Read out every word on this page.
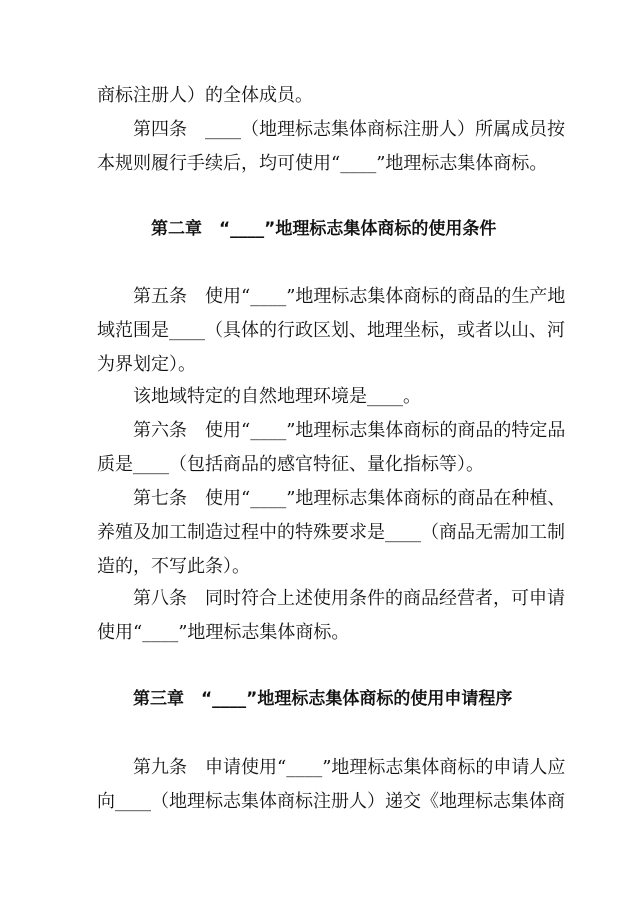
商标注册人）的全体成员。
第四条　____（地理标志集体商标注册人）所属成员按
本规则履行手续后，均可使用“____”地理标志集体商标。
第二章　“____”地理标志集体商标的使用条件
第五条　使用“____”地理标志集体商标的商品的生产地
域范围是____（具体的行政区划、地理坐标，或者以山、河
为界划定）。
该地域特定的自然地理环境是____。
第六条　使用“____”地理标志集体商标的商品的特定品
质是____（包括商品的感官特征、量化指标等）。
第七条　使用“____”地理标志集体商标的商品在种植、
养殖及加工制造过程中的特殊要求是____（商品无需加工制
造的，不写此条）。
第八条　同时符合上述使用条件的商品经营者，可申请
使用“____”地理标志集体商标。
第三章　“____”地理标志集体商标的使用申请程序
第九条　申请使用“____”地理标志集体商标的申请人应
向____（地理标志集体商标注册人）递交《地理标志集体商
